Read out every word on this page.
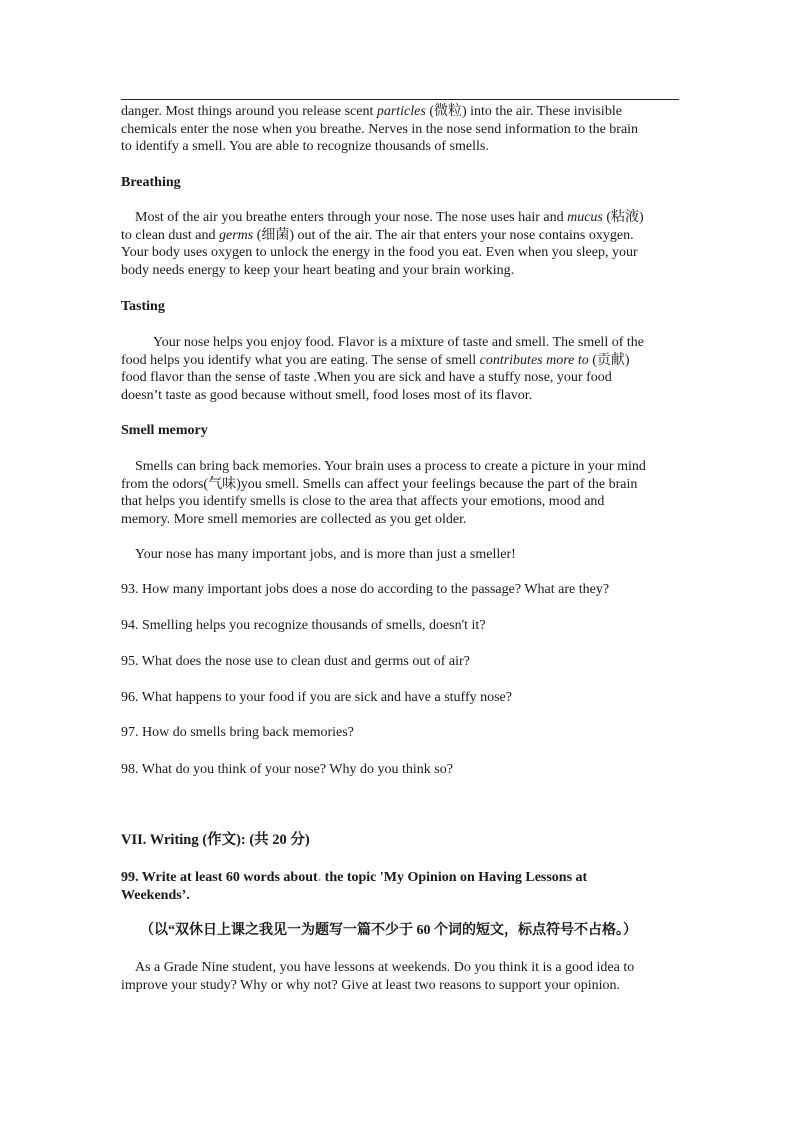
danger. Most things around you release scent particles (微粒) into the air. These invisible

chemicals enter the nose when you breathe. Nerves in the nose send information to the brain

to identify a smell. You are able to recognize thousands of smells.

Breathing

Most of the air you breathe enters through your nose. The nose uses hair and mucus (粘液)

to clean dust and germs (细菌) out of the air. The air that enters your nose contains oxygen.

Your body uses oxygen to unlock the energy in the food you eat. Even when you sleep, your

body needs energy to keep your heart beating and your brain working.

Tasting

Your nose helps you enjoy food. Flavor is a mixture of taste and smell. The smell of the

food helps you identify what you are eating. The sense of smell contributes more to (贡献)

food flavor than the sense of taste .When you are sick and have a stuffy nose, your food

doesn’t taste as good because without smell, food loses most of its flavor.

Smell memory

Smells can bring back memories. Your brain uses a process to create a picture in your mind

from the odors(气味)you smell. Smells can affect your feelings because the part of the brain

that helps you identify smells is close to the area that affects your emotions, mood and

memory. More smell memories are collected as you get older.

Your nose has many important jobs, and is more than just a smeller!
93. How many important jobs does a nose do according to the passage? What are they?
94. Smelling helps you recognize thousands of smells, doesn't it?
95. What does the nose use to clean dust and germs out of air?
96. What happens to your food if you are sick and have a stuffy nose?
97. How do smells bring back memories?
98. What do you think of your nose? Why do you think so?
VII. Writing (作文): (共 20 分)

99. Write at least 60 words about. the topic 'My Opinion on Having Lessons at

Weekends’.

（以“双休日上课之我见一为题写一篇不少于 60 个词的短文，标点符号不占格。）

As a Grade Nine student, you have lessons at weekends. Do you think it is a good idea to

improve your study? Why or why not? Give at least two reasons to support your opinion.
